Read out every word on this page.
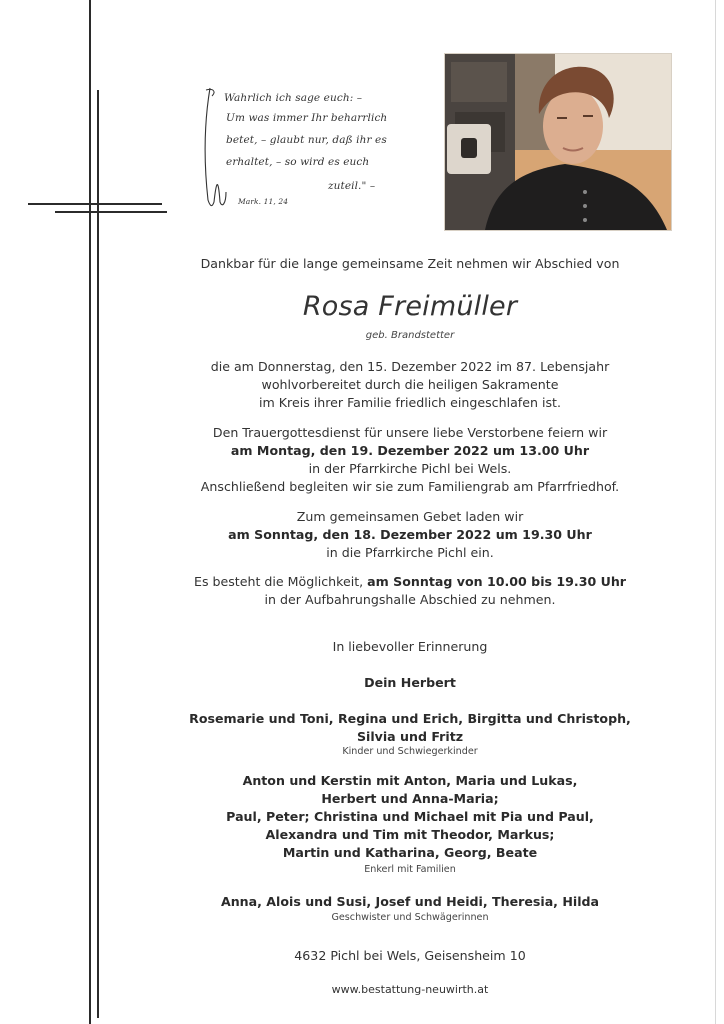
Wahrlich ich sage euch: –
Um was immer Ihr beharrlich
betet, – glaubt nur, daß ihr es
erhaltet, – so wird es euch
zuteil." –
Mark. 11, 24
Dankbar für die lange gemeinsame Zeit nehmen wir Abschied von
Rosa Freimüller
geb. Brandstetter
die am Donnerstag, den 15. Dezember 2022 im 87. Lebensjahr
wohlvorbereitet durch die heiligen Sakramente
im Kreis ihrer Familie friedlich eingeschlafen ist.
Den Trauergottesdienst für unsere liebe Verstorbene feiern wir
am Montag, den 19. Dezember 2022 um 13.00 Uhr
in der Pfarrkirche Pichl bei Wels.
Anschließend begleiten wir sie zum Familiengrab am Pfarrfriedhof.
Zum gemeinsamen Gebet laden wir
am Sonntag, den 18. Dezember 2022 um 19.30 Uhr
in die Pfarrkirche Pichl ein.
Es besteht die Möglichkeit, am Sonntag von 10.00 bis 19.30 Uhr
in der Aufbahrungshalle Abschied zu nehmen.
In liebevoller Erinnerung
Dein Herbert
Rosemarie und Toni, Regina und Erich, Birgitta und Christoph,
Silvia und Fritz
Kinder und Schwiegerkinder
Anton und Kerstin mit Anton, Maria und Lukas,
Herbert und Anna-Maria;
Paul, Peter; Christina und Michael mit Pia und Paul,
Alexandra und Tim mit Theodor, Markus;
Martin und Katharina, Georg, Beate
Enkerl mit Familien
Anna, Alois und Susi, Josef und Heidi, Theresia, Hilda
Geschwister und Schwägerinnen
4632 Pichl bei Wels, Geisensheim 10
www.bestattung-neuwirth.at
